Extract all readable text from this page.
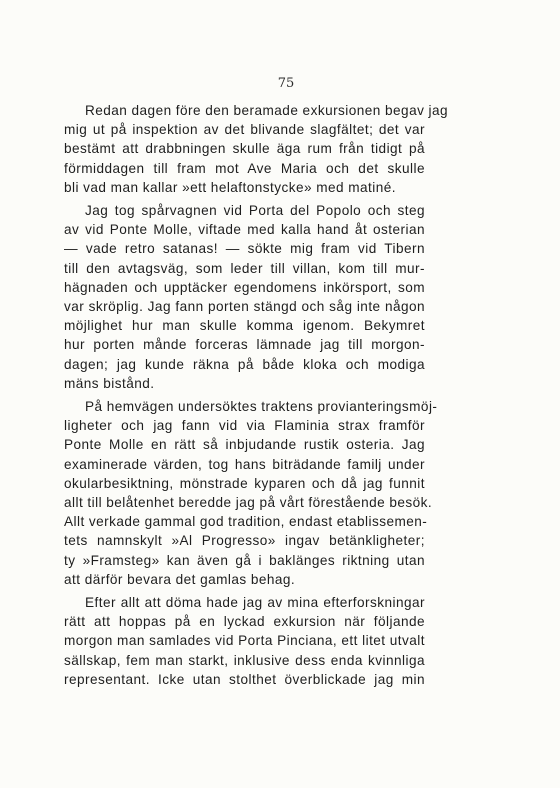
75

Redan dagen före den beramade exkursionen begav jag
mig ut på inspektion av det blivande slagfältet; det var
bestämt att drabbningen skulle äga rum från tidigt på
förmiddagen till fram mot Ave Maria och det skulle
bli vad man kallar »ett helaftonstycke» med matiné.

Jag tog spårvagnen vid Porta del Popolo och steg
av vid Ponte Molle, viftade med kalla hand åt osterian
— vade retro satanas! — sökte mig fram vid Tibern
till den avtagsväg, som leder till villan, kom till mur-
hägnaden och upptäcker egendomens inkörsport, som
var skröplig. Jag fann porten stängd och såg inte någon
möjlighet hur man skulle komma igenom. Bekymret
hur porten månde forceras lämnade jag till morgon-
dagen; jag kunde räkna på både kloka och modiga
mäns bistånd.

På hemvägen undersöktes traktens provianteringsmöj-
ligheter och jag fann vid via Flaminia strax framför
Ponte Molle en rätt så inbjudande rustik osteria. Jag
examinerade värden, tog hans biträdande familj under
okularbesiktning, mönstrade kyparen och då jag funnit
allt till belåtenhet beredde jag på vårt förestående besök.
Allt verkade gammal god tradition, endast etablissemen-
tets namnskylt »Al Progresso» ingav betänkligheter;
ty »Framsteg» kan även gå i baklänges riktning utan
att därför bevara det gamlas behag.

Efter allt att döma hade jag av mina efterforskningar
rätt att hoppas på en lyckad exkursion när följande
morgon man samlades vid Porta Pinciana, ett litet utvalt
sällskap, fem man starkt, inklusive dess enda kvinnliga
representant. Icke utan stolthet överblickade jag min
